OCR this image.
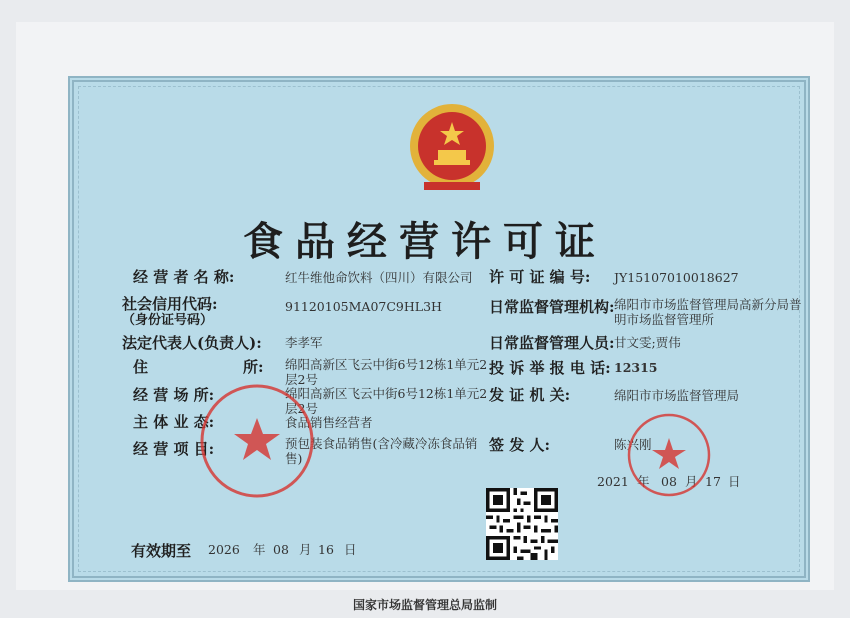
食品经营许可证
经 营 者 名 称:	红牛维他命饮料（四川）有限公司
社会信用代码:
（身份证号码）
91120105MA07C9HL3H
法定代表人(负责人): 李孝军
住	所: 绵阳高新区飞云中街6号12栋1单元2
层2号
经 营 场 所:	绵阳高新区飞云中街6号12栋1单元2
层2号
主 体 业 态:	食品销售经营者
经 营 项 目:	预包装食品销售(含冷藏冷冻食品销
售)
许 可 证 编 号: JY15107010018627
日常监督管理机构: 绵阳市市场监督管理局高新分局普
明市场监督管理所
日常监督管理人员: 甘文雯;贾伟
投 诉 举 报 电 话: 12315
发 证 机 关:	绵阳市市场监督管理局
签 发 人:	陈兴刚
2021 年 08 月 17 日
有效期至 2026 年 08 月 16 日
国家市场监督管理总局监制
